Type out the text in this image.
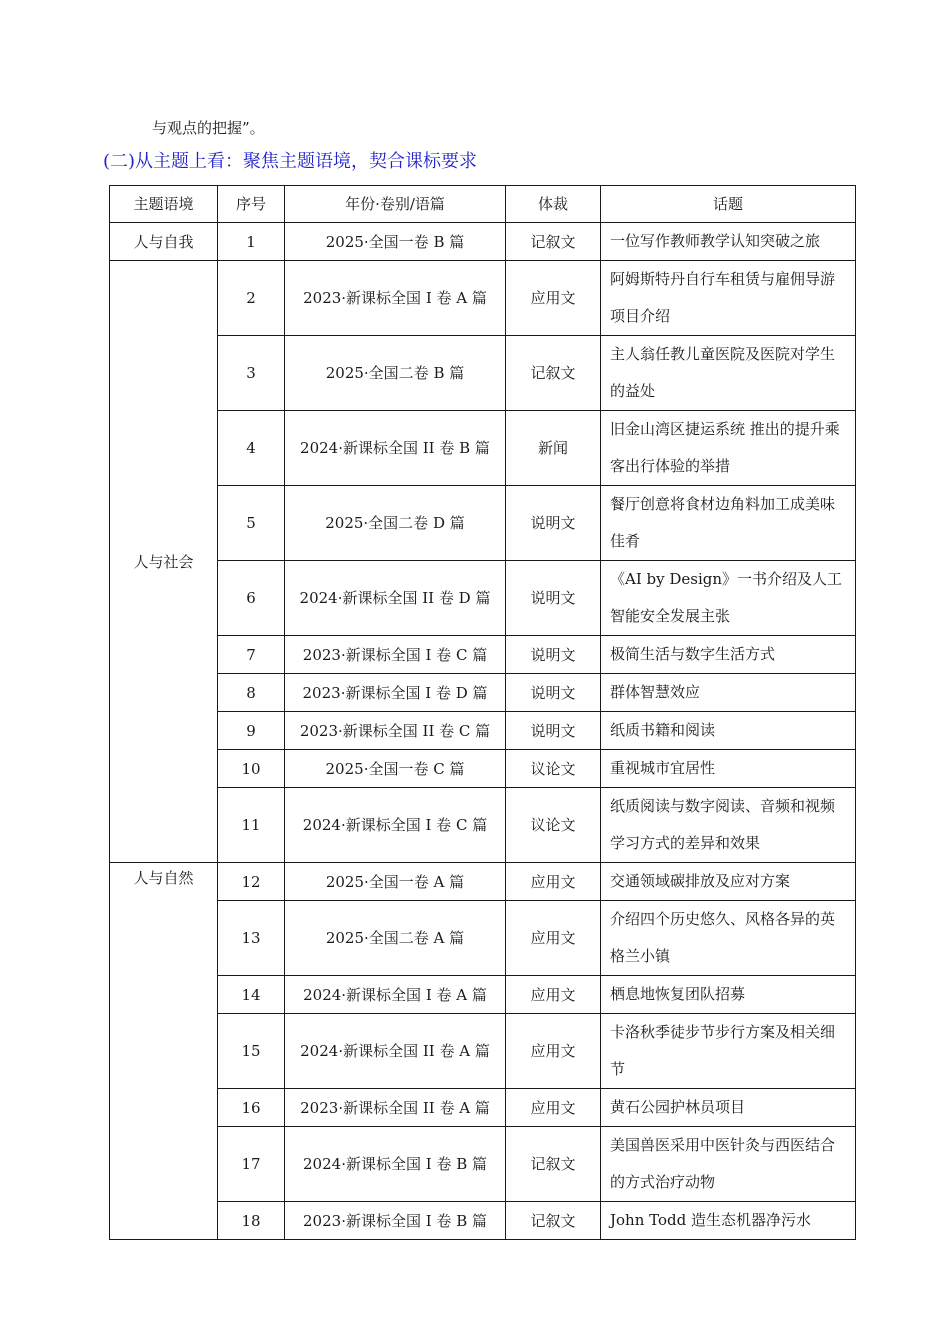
与观点的把握”。
(二)从主题上看：聚焦主题语境，契合课标要求
主题语境	序号	年份·卷别/语篇	体裁	话题
人与自我	1	2025·全国一卷 B 篇	记叙文	一位写作教师教学认知突破之旅
人与社会	2	2023·新课标全国 I 卷 A 篇	应用文	阿姆斯特丹自行车租赁与雇佣导游项目介绍
	3	2025·全国二卷 B 篇	记叙文	主人翁任教儿童医院及医院对学生的益处
	4	2024·新课标全国 II 卷 B 篇	新闻	旧金山湾区捷运系统 推出的提升乘客出行体验的举措
	5	2025·全国二卷 D 篇	说明文	餐厅创意将食材边角料加工成美味佳肴
	6	2024·新课标全国 II 卷 D 篇	说明文	《AI by Design》一书介绍及人工智能安全发展主张
	7	2023·新课标全国 I 卷 C 篇	说明文	极简生活与数字生活方式
	8	2023·新课标全国 I 卷 D 篇	说明文	群体智慧效应
	9	2023·新课标全国 II 卷 C 篇	说明文	纸质书籍和阅读
	10	2025·全国一卷 C 篇	议论文	重视城市宜居性
	11	2024·新课标全国 I 卷 C 篇	议论文	纸质阅读与数字阅读、音频和视频学习方式的差异和效果
人与自然	12	2025·全国一卷 A 篇	应用文	交通领域碳排放及应对方案
	13	2025·全国二卷 A 篇	应用文	介绍四个历史悠久、风格各异的英格兰小镇
	14	2024·新课标全国 I 卷 A 篇	应用文	栖息地恢复团队招募
	15	2024·新课标全国 II 卷 A 篇	应用文	卡洛秋季徒步节步行方案及相关细节
	16	2023·新课标全国 II 卷 A 篇	应用文	黄石公园护林员项目
	17	2024·新课标全国 I 卷 B 篇	记叙文	美国兽医采用中医针灸与西医结合的方式治疗动物
	18	2023·新课标全国 I 卷 B 篇	记叙文	John Todd 造生态机器净污水
